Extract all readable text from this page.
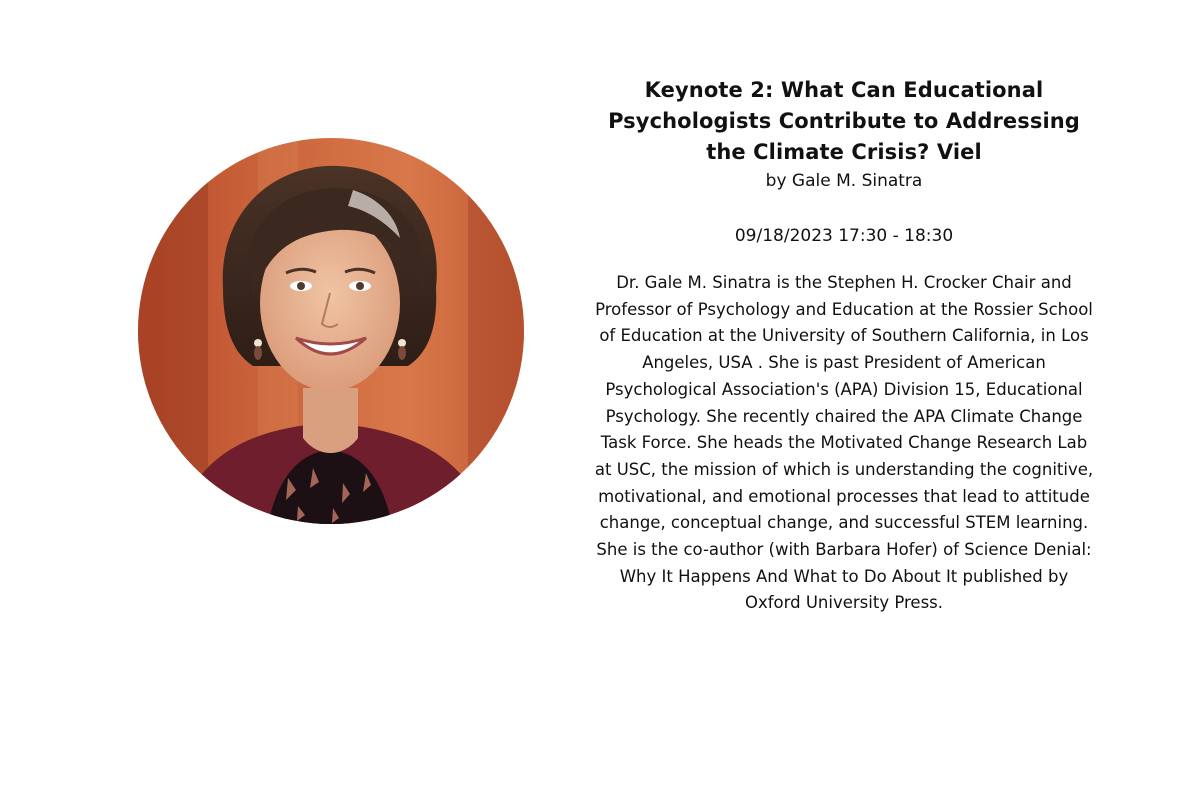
Keynote 2: What Can Educational Psychologists Contribute to Addressing the Climate Crisis? Viel

by Gale M. Sinatra

09/18/2023 17:30 - 18:30

Dr. Gale M. Sinatra is the Stephen H. Crocker Chair and Professor of Psychology and Education at the Rossier School of Education at the University of Southern California, in Los Angeles, USA . She is past President of American Psychological Association's (APA) Division 15, Educational Psychology. She recently chaired the APA Climate Change Task Force. She heads the Motivated Change Research Lab at USC, the mission of which is understanding the cognitive, motivational, and emotional processes that lead to attitude change, conceptual change, and successful STEM learning. She is the co-author (with Barbara Hofer) of Science Denial: Why It Happens And What to Do About It published by Oxford University Press.
